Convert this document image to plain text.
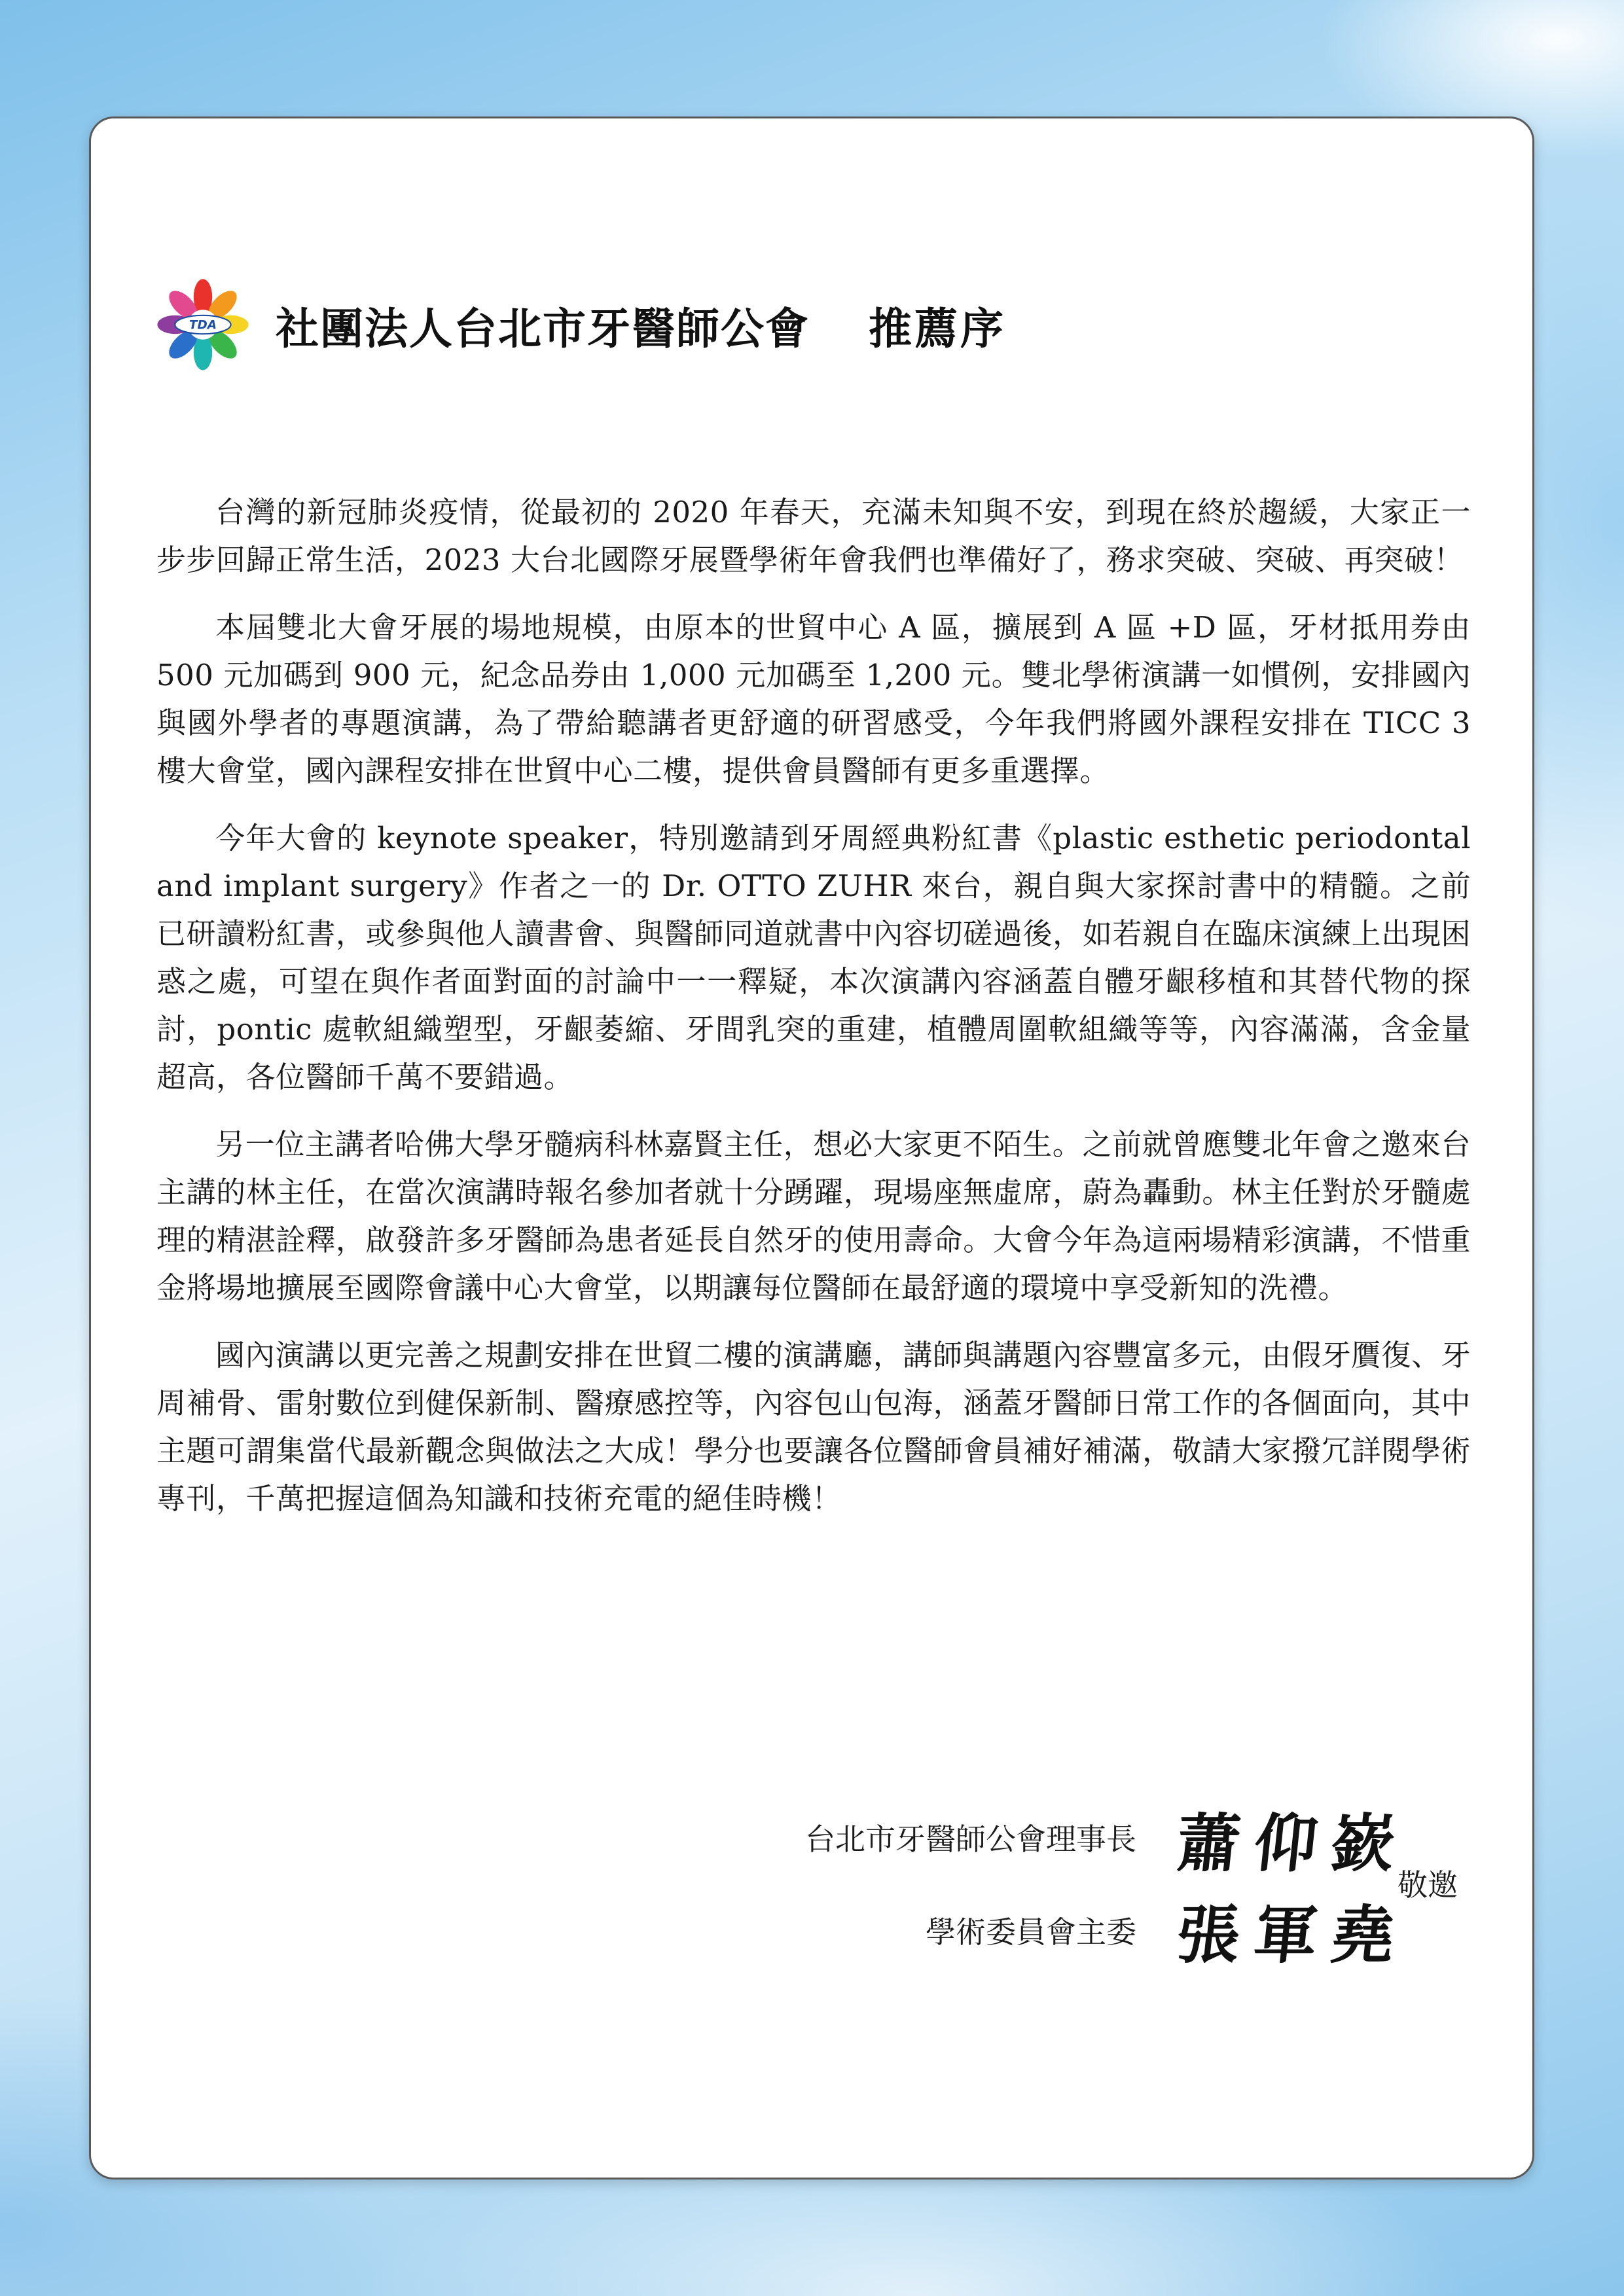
TDA 社團法人台北市牙醫師公會 推薦序

台灣的新冠肺炎疫情，從最初的 2020 年春天，充滿未知與不安，到現在終於趨緩，大家正一步步回歸正常生活，2023 大台北國際牙展暨學術年會我們也準備好了，務求突破、突破、再突破！

本屆雙北大會牙展的場地規模，由原本的世貿中心 A 區，擴展到 A 區 +D 區，牙材抵用券由 500 元加碼到 900 元，紀念品券由 1,000 元加碼至 1,200 元。雙北學術演講一如慣例，安排國內與國外學者的專題演講，為了帶給聽講者更舒適的研習感受，今年我們將國外課程安排在 TICC 3 樓大會堂，國內課程安排在世貿中心二樓，提供會員醫師有更多重選擇。

今年大會的 keynote speaker，特別邀請到牙周經典粉紅書《plastic esthetic periodontal and implant surgery》作者之一的 Dr. OTTO ZUHR 來台，親自與大家探討書中的精髓。之前已研讀粉紅書，或參與他人讀書會、與醫師同道就書中內容切磋過後，如若親自在臨床演練上出現困惑之處，可望在與作者面對面的討論中一一釋疑，本次演講內容涵蓋自體牙齦移植和其替代物的探討，pontic 處軟組織塑型，牙齦萎縮、牙間乳突的重建，植體周圍軟組織等等，內容滿滿，含金量超高，各位醫師千萬不要錯過。

另一位主講者哈佛大學牙髓病科林嘉賢主任，想必大家更不陌生。之前就曾應雙北年會之邀來台主講的林主任，在當次演講時報名參加者就十分踴躍，現場座無虛席，蔚為轟動。林主任對於牙髓處理的精湛詮釋，啟發許多牙醫師為患者延長自然牙的使用壽命。大會今年為這兩場精彩演講，不惜重金將場地擴展至國際會議中心大會堂，以期讓每位醫師在最舒適的環境中享受新知的洗禮。

國內演講以更完善之規劃安排在世貿二樓的演講廳，講師與講題內容豐富多元，由假牙贋復、牙周補骨、雷射數位到健保新制、醫療感控等，內容包山包海，涵蓋牙醫師日常工作的各個面向，其中主題可謂集當代最新觀念與做法之大成！學分也要讓各位醫師會員補好補滿，敬請大家撥冗詳閱學術專刊，千萬把握這個為知識和技術充電的絕佳時機！

台北市牙醫師公會理事長 蕭仰嶔
學術委員會主委 張軍堯
敬邀
